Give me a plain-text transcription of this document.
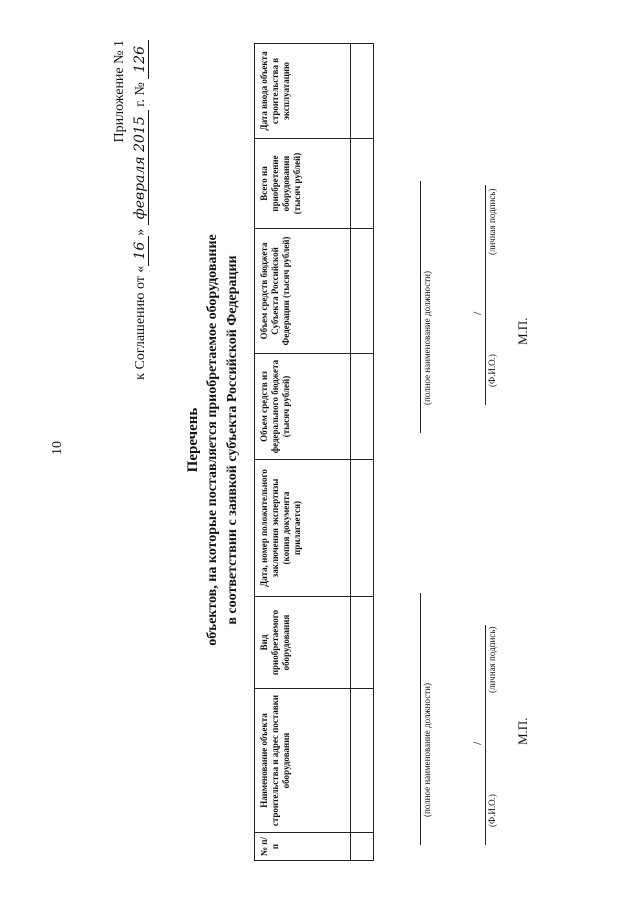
10
Приложение № 1
к Соглашению от «16» февраля 2015 г. № 126
Перечень объектов, на которые поставляется приобретаемое оборудование в соответствии с заявкой субъекта Российской Федерации
№ п/п	Наименование объекта строительства и адрес поставки оборудования	Вид приобретаемого оборудования	Дата, номер положительного заключения экспертизы (копия документа прилагается)	Объем средств из федерального бюджета (тысяч рублей)	Объем средств бюджета Субъекта Российской Федерации (тысяч рублей)	Всего на приобретение оборудования (тысяч рублей)	Дата ввода объекта строительства в эксплуатацию

(полное наименование должности)	(Ф.И.О.)
/
(личная подпись)
М.П.
(полное наименование должности)	(Ф.И.О.)
/
(личная подпись)
М.П.
